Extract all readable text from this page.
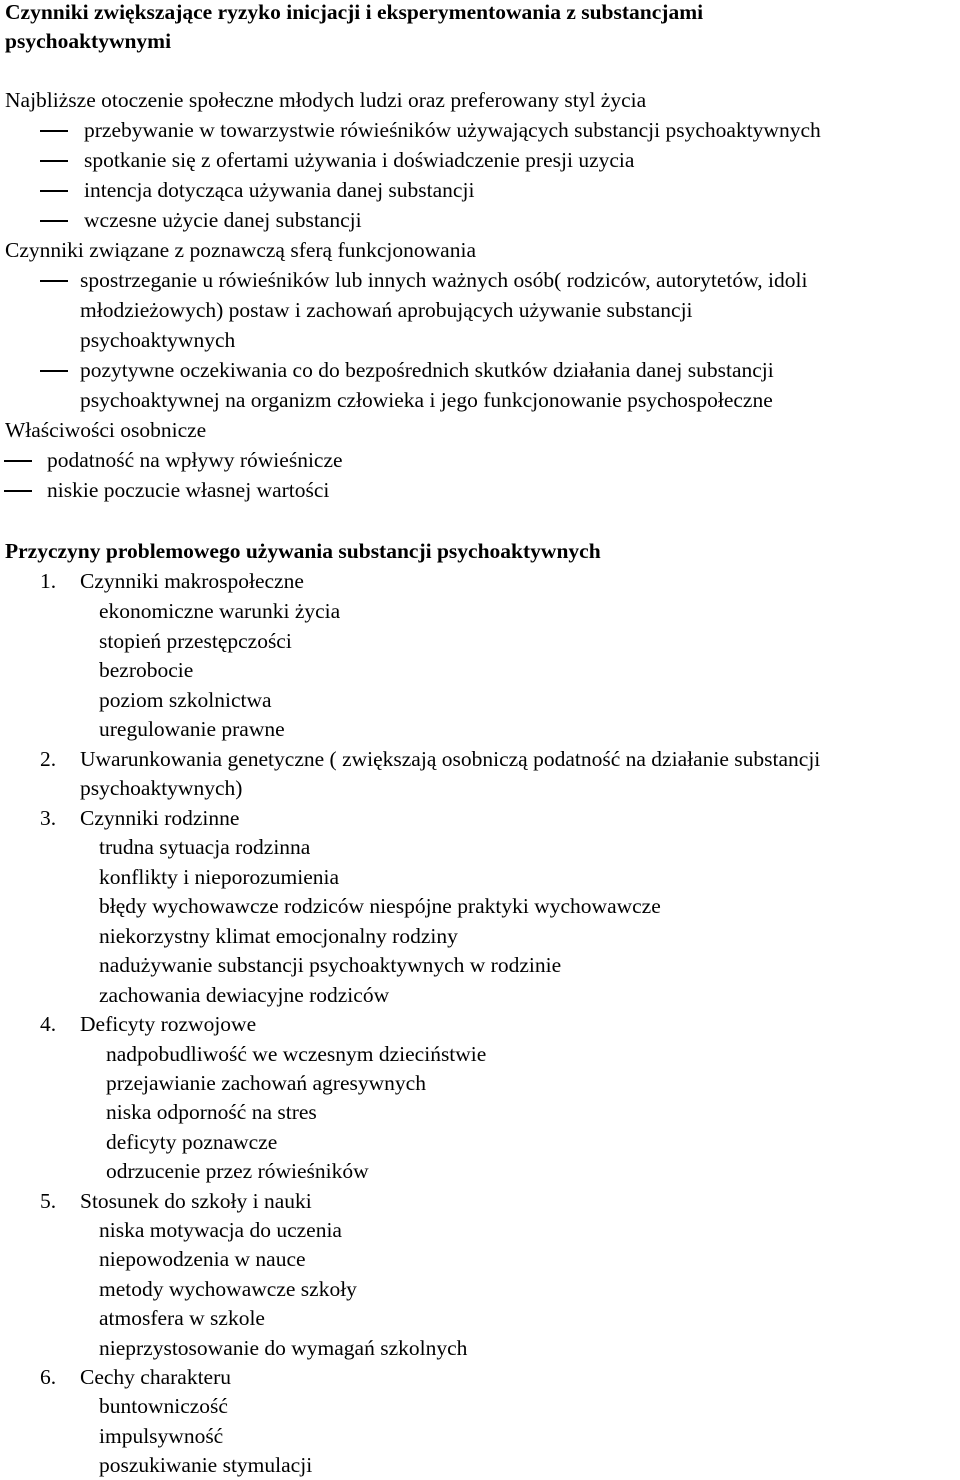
Czynniki zwiększające ryzyko inicjacji i eksperymentowania z substancjami
psychoaktywnymi
Najbliższe otoczenie społeczne młodych ludzi oraz preferowany styl życia
przebywanie w towarzystwie rówieśników używających substancji psychoaktywnych
spotkanie się z ofertami używania i doświadczenie presji uzycia
intencja dotycząca używania danej substancji
wczesne użycie danej substancji
Czynniki związane z poznawczą sferą funkcjonowania
spostrzeganie u rówieśników lub innych ważnych osób( rodziców, autorytetów, idoli
młodzieżowych) postaw i zachowań aprobujących używanie substancji
psychoaktywnych
pozytywne oczekiwania co do bezpośrednich skutków działania danej substancji
psychoaktywnej na organizm człowieka i jego funkcjonowanie psychospołeczne
Właściwości osobnicze
podatność na wpływy rówieśnicze
niskie poczucie własnej wartości
Przyczyny problemowego używania substancji psychoaktywnych
1. Czynniki makrospołeczne
ekonomiczne warunki życia
stopień przestępczości
bezrobocie
poziom szkolnictwa
uregulowanie prawne
2. Uwarunkowania genetyczne ( zwiększają osobniczą podatność na działanie substancji
psychoaktywnych)
3. Czynniki rodzinne
trudna sytuacja rodzinna
konflikty i nieporozumienia
błędy wychowawcze rodziców niespójne praktyki wychowawcze
niekorzystny klimat emocjonalny rodziny
nadużywanie substancji psychoaktywnych w rodzinie
zachowania dewiacyjne rodziców
4. Deficyty rozwojowe
nadpobudliwość we wczesnym dzieciństwie
przejawianie zachowań agresywnych
niska odporność na stres
deficyty poznawcze
odrzucenie przez rówieśników
5. Stosunek do szkoły i nauki
niska motywacja do uczenia
niepowodzenia w nauce
metody wychowawcze szkoły
atmosfera w szkole
nieprzystosowanie do wymagań szkolnych
6. Cechy charakteru
buntowniczość
impulsywność
poszukiwanie stymulacji
